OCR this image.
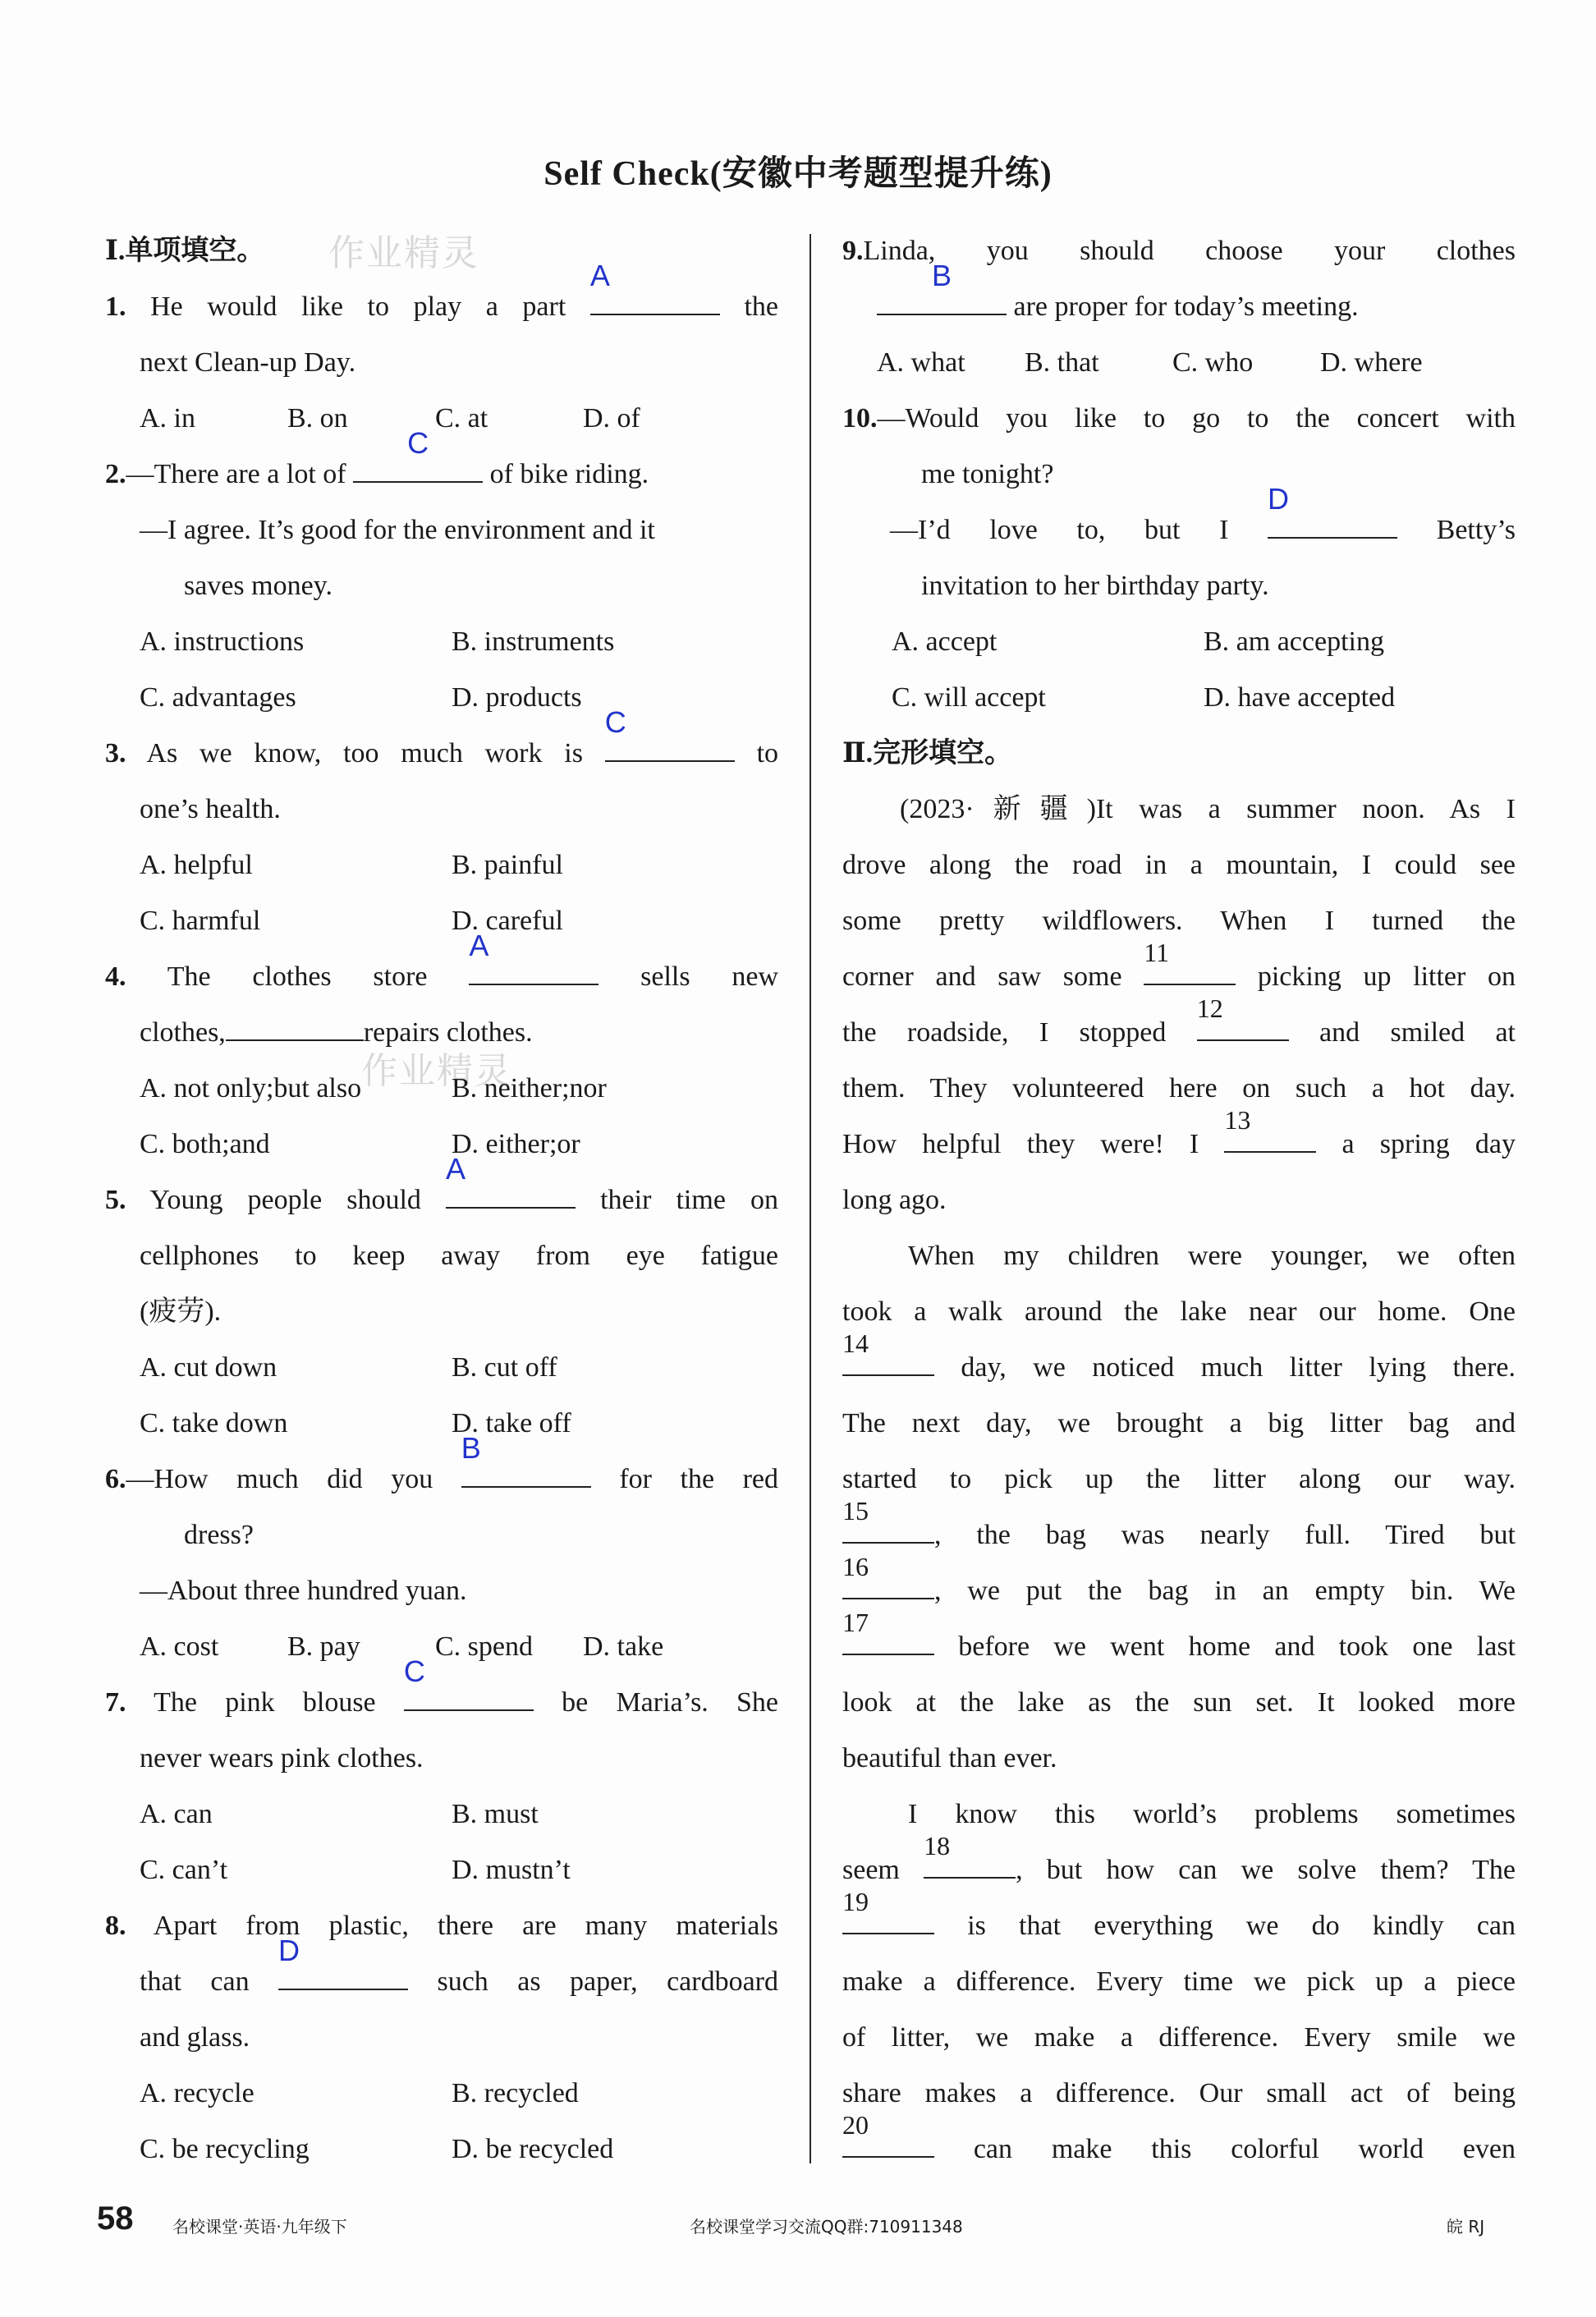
Self Check(安徽中考题型提升练)
作业精灵
作业精灵
Ⅰ.单项填空。
1. He would like to play a part
A
the
next Clean-up Day.
A. in	B. on	C. at	D. of
2.—There are a lot of
C
of bike riding.
—I agree. It’s good for the environment and it
saves money.
A. instructions	B. instruments
C. advantages	D. products
3. As we know, too much work is
C
to
one’s health.
A. helpful	B. painful
C. harmful	D. careful
4. The clothes store
A
sells new
clothes,	repairs clothes.
A. not only;but also	B. neither;nor
C. both;and	D. either;or
5. Young people should
A
their time on
cellphones to keep away from eye fatigue
(疲劳).
A. cut down	B. cut off
C. take down	D. take off
6.—How much did you
B
for the red
dress?
—About three hundred yuan.
A. cost	B. pay	C. spend	D. take
7. The pink blouse
C
be Maria’s. She
never wears pink clothes.
A. can	B. must
C. can’t	D. mustn’t
8. Apart from plastic, there are many materials
that can
D
such as paper, cardboard
and glass.
A. recycle	B. recycled
C. be recycling	D. be recycled
9.Linda, you should choose your clothes
B
are proper for today’s meeting.
A. what	B. that	C. who	D. where
10.—Would you like to go to the concert with
me tonight?
—I’d love to, but I
D
Betty’s
invitation to her birthday party.
A. accept	B. am accepting
C. will accept	D. have accepted
Ⅱ.完形填空。
(2023·新疆)It was a summer noon. As I
drove along the road in a mountain, I could see
some pretty wildflowers. When I turned the
corner and saw some
11
picking up litter on
the roadside, I stopped
12
and smiled at
them. They volunteered here on such a hot day.
How helpful they were! I
13
a spring day
long ago.
When my children were younger, we often
took a walk around the lake near our home. One
14
day, we noticed much litter lying there.
The next day, we brought a big litter bag and
started to pick up the litter along our way.
15
, the bag was nearly full. Tired but
16
, we put the bag in an empty bin. We
17
before we went home and took one last
look at the lake as the sun set. It looked more
beautiful than ever.
I know this world’s problems sometimes
seem
18
, but how can we solve them? The
19
is that everything we do kindly can
make a difference. Every time we pick up a piece
of litter, we make a difference. Every smile we
share makes a difference. Our small act of being
20
can make this colorful world even
58 名校课堂·英语·九年级下	名校课堂学习交流QQ群:710911348	皖 RJ
